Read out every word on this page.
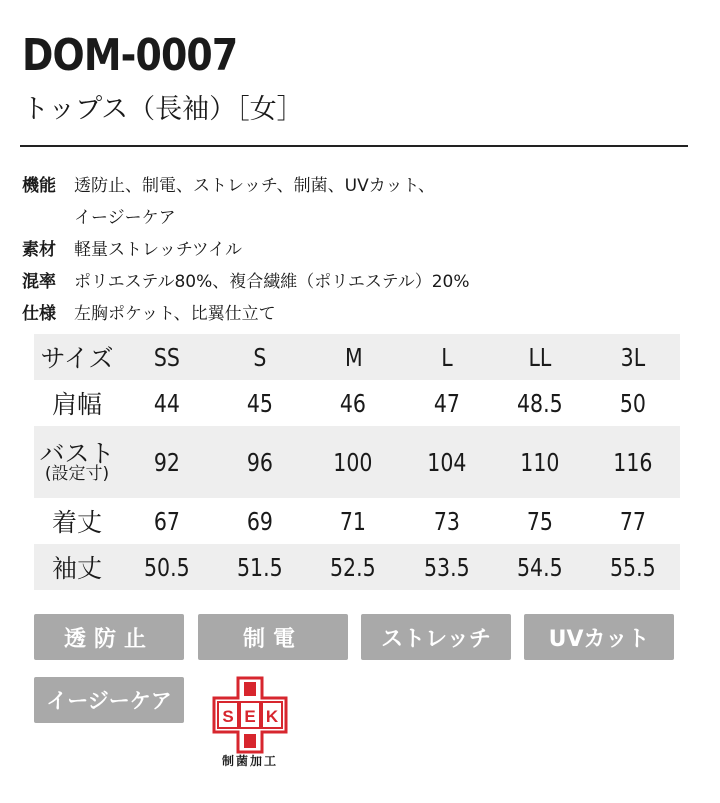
DOM-0007
トップス（長袖）［女］
機能	透防止、制電、ストレッチ、制菌、UVカット、
イージーケア
素材	軽量ストレッチツイル
混率	ポリエステル80%、複合繊維（ポリエステル）20%
仕様	左胸ポケット、比翼仕立て
サイズ	SS	S	M	L	LL	3L
肩幅	44	45	46	47	48.5	50

バスト
(設定寸)	92	96	100	104	110	116
着丈	67	69	71	73	75	77
袖丈	50.5	51.5	52.5	53.5	54.5	55.5
透防止	制電	ストレッチ	UVカット
イージーケア
S E K
制菌加工
